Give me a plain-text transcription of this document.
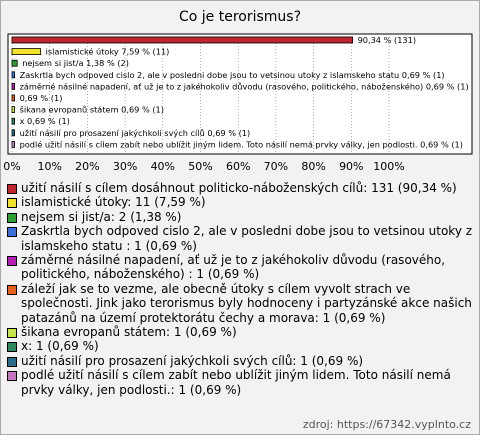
Co je terorismus?
0% 10% 20% 30% 40% 50% 60% 70% 80% 90% 100%
90,34 % (131)
islamistické útoky 7,59 % (11)
nejsem si jist/a 1,38 % (2)
Zaskrtla bych odpoved cislo 2, ale v posledni dobe jsou to vetsinou utoky z islamskeho statu 0,69 % (1)
záměrné násilné napadení, ať už je to z jakéhokoliv důvodu (rasového, politického, náboženského) 0,69 % (1)
0,69 % (1)
šikana evropanů státem 0,69 % (1)
x 0,69 % (1)
užití násilí pro prosazení jakýchkoli svých cílů 0,69 % (1)
podlé užití násilí s cílem zabít nebo ublížit jiným lidem. Toto násilí nemá prvky války, jen podlosti. 0,69 % (1)
užití násilí s cílem dosáhnout politicko-náboženských cílů: 131 (90,34 %)
islamistické útoky: 11 (7,59 %)
nejsem si jist/a: 2 (1,38 %)
Zaskrtla bych odpoved cislo 2, ale v posledni dobe jsou to vetsinou utoky z islamskeho statu : 1 (0,69 %)
záměrné násilné napadení, ať už je to z jakéhokoliv důvodu (rasového, politického, náboženského) : 1 (0,69 %)
záleží jak se to vezme, ale obecně útoky s cílem vyvolt strach ve společnosti. Jink jako terorismus byly hodnoceny i partyzánské akce našich patazánů na území protektorátu čechy a morava: 1 (0,69 %)
šikana evropanů státem: 1 (0,69 %)
x: 1 (0,69 %)
užití násilí pro prosazení jakýchkoli svých cílů: 1 (0,69 %)
podlé užití násilí s cílem zabít nebo ublížit jiným lidem. Toto násilí nemá prvky války, jen podlosti.: 1 (0,69 %)
zdroj: https://67342.vyplnto.cz
